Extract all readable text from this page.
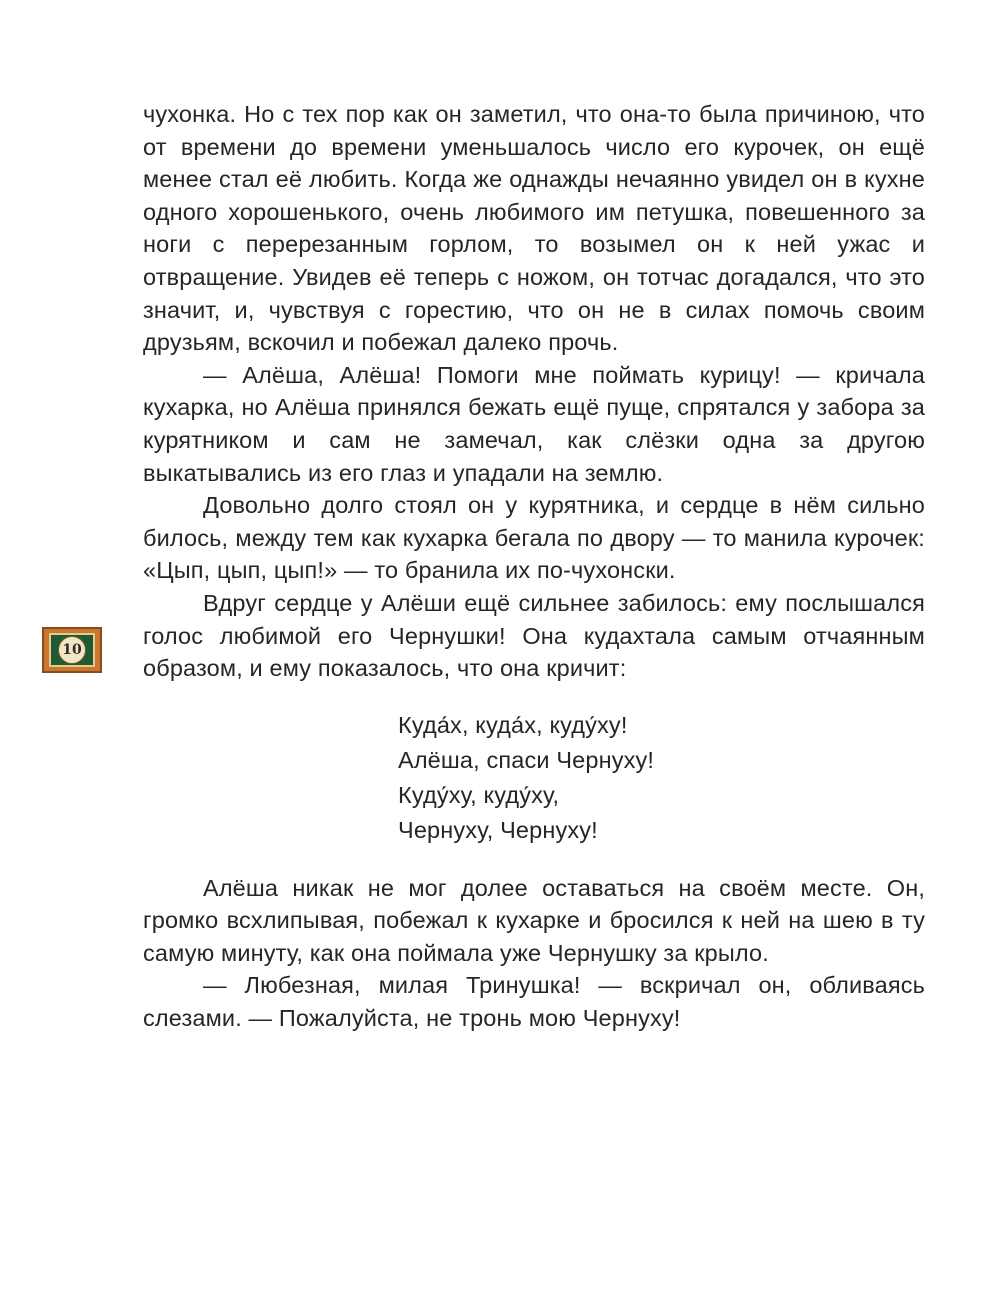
10

чухонка. Но с тех пор как он заметил, что она-то была причиною, что от времени до времени уменьшалось число его курочек, он ещё менее стал её любить. Когда же однажды нечаянно увидел он в кухне одного хорошенького, очень любимого им петушка, повешенного за ноги с перерезанным горлом, то возымел он к ней ужас и отвращение. Увидев её теперь с ножом, он тотчас догадался, что это значит, и, чувствуя с горестию, что он не в силах помочь своим друзьям, вскочил и побежал далеко прочь.

— Алёша, Алёша! Помоги мне поймать курицу! — кричала кухарка, но Алёша принялся бежать ещё пуще, спрятался у забора за курятником и сам не замечал, как слёзки одна за другою выкатывались из его глаз и упадали на землю.

Довольно долго стоял он у курятника, и сердце в нём сильно билось, между тем как кухарка бегала по двору — то манила курочек: «Цып, цып, цып!» — то бранила их по-чухонски.

Вдруг сердце у Алёши ещё сильнее забилось: ему послышался голос любимой его Чернушки! Она кудахтала самым отчаянным образом, и ему показалось, что она кричит:

Куда́х, куда́х, куду́ху!
Алёша, спаси Чернуху!
Куду́ху, куду́ху,
Чернуху, Чернуху!

Алёша никак не мог долее оставаться на своём месте. Он, громко всхлипывая, побежал к кухарке и бросился к ней на шею в ту самую минуту, как она поймала уже Чернушку за крыло.

— Любезная, милая Тринушка! — вскричал он, обливаясь слезами. — Пожалуйста, не тронь мою Чернуху!
